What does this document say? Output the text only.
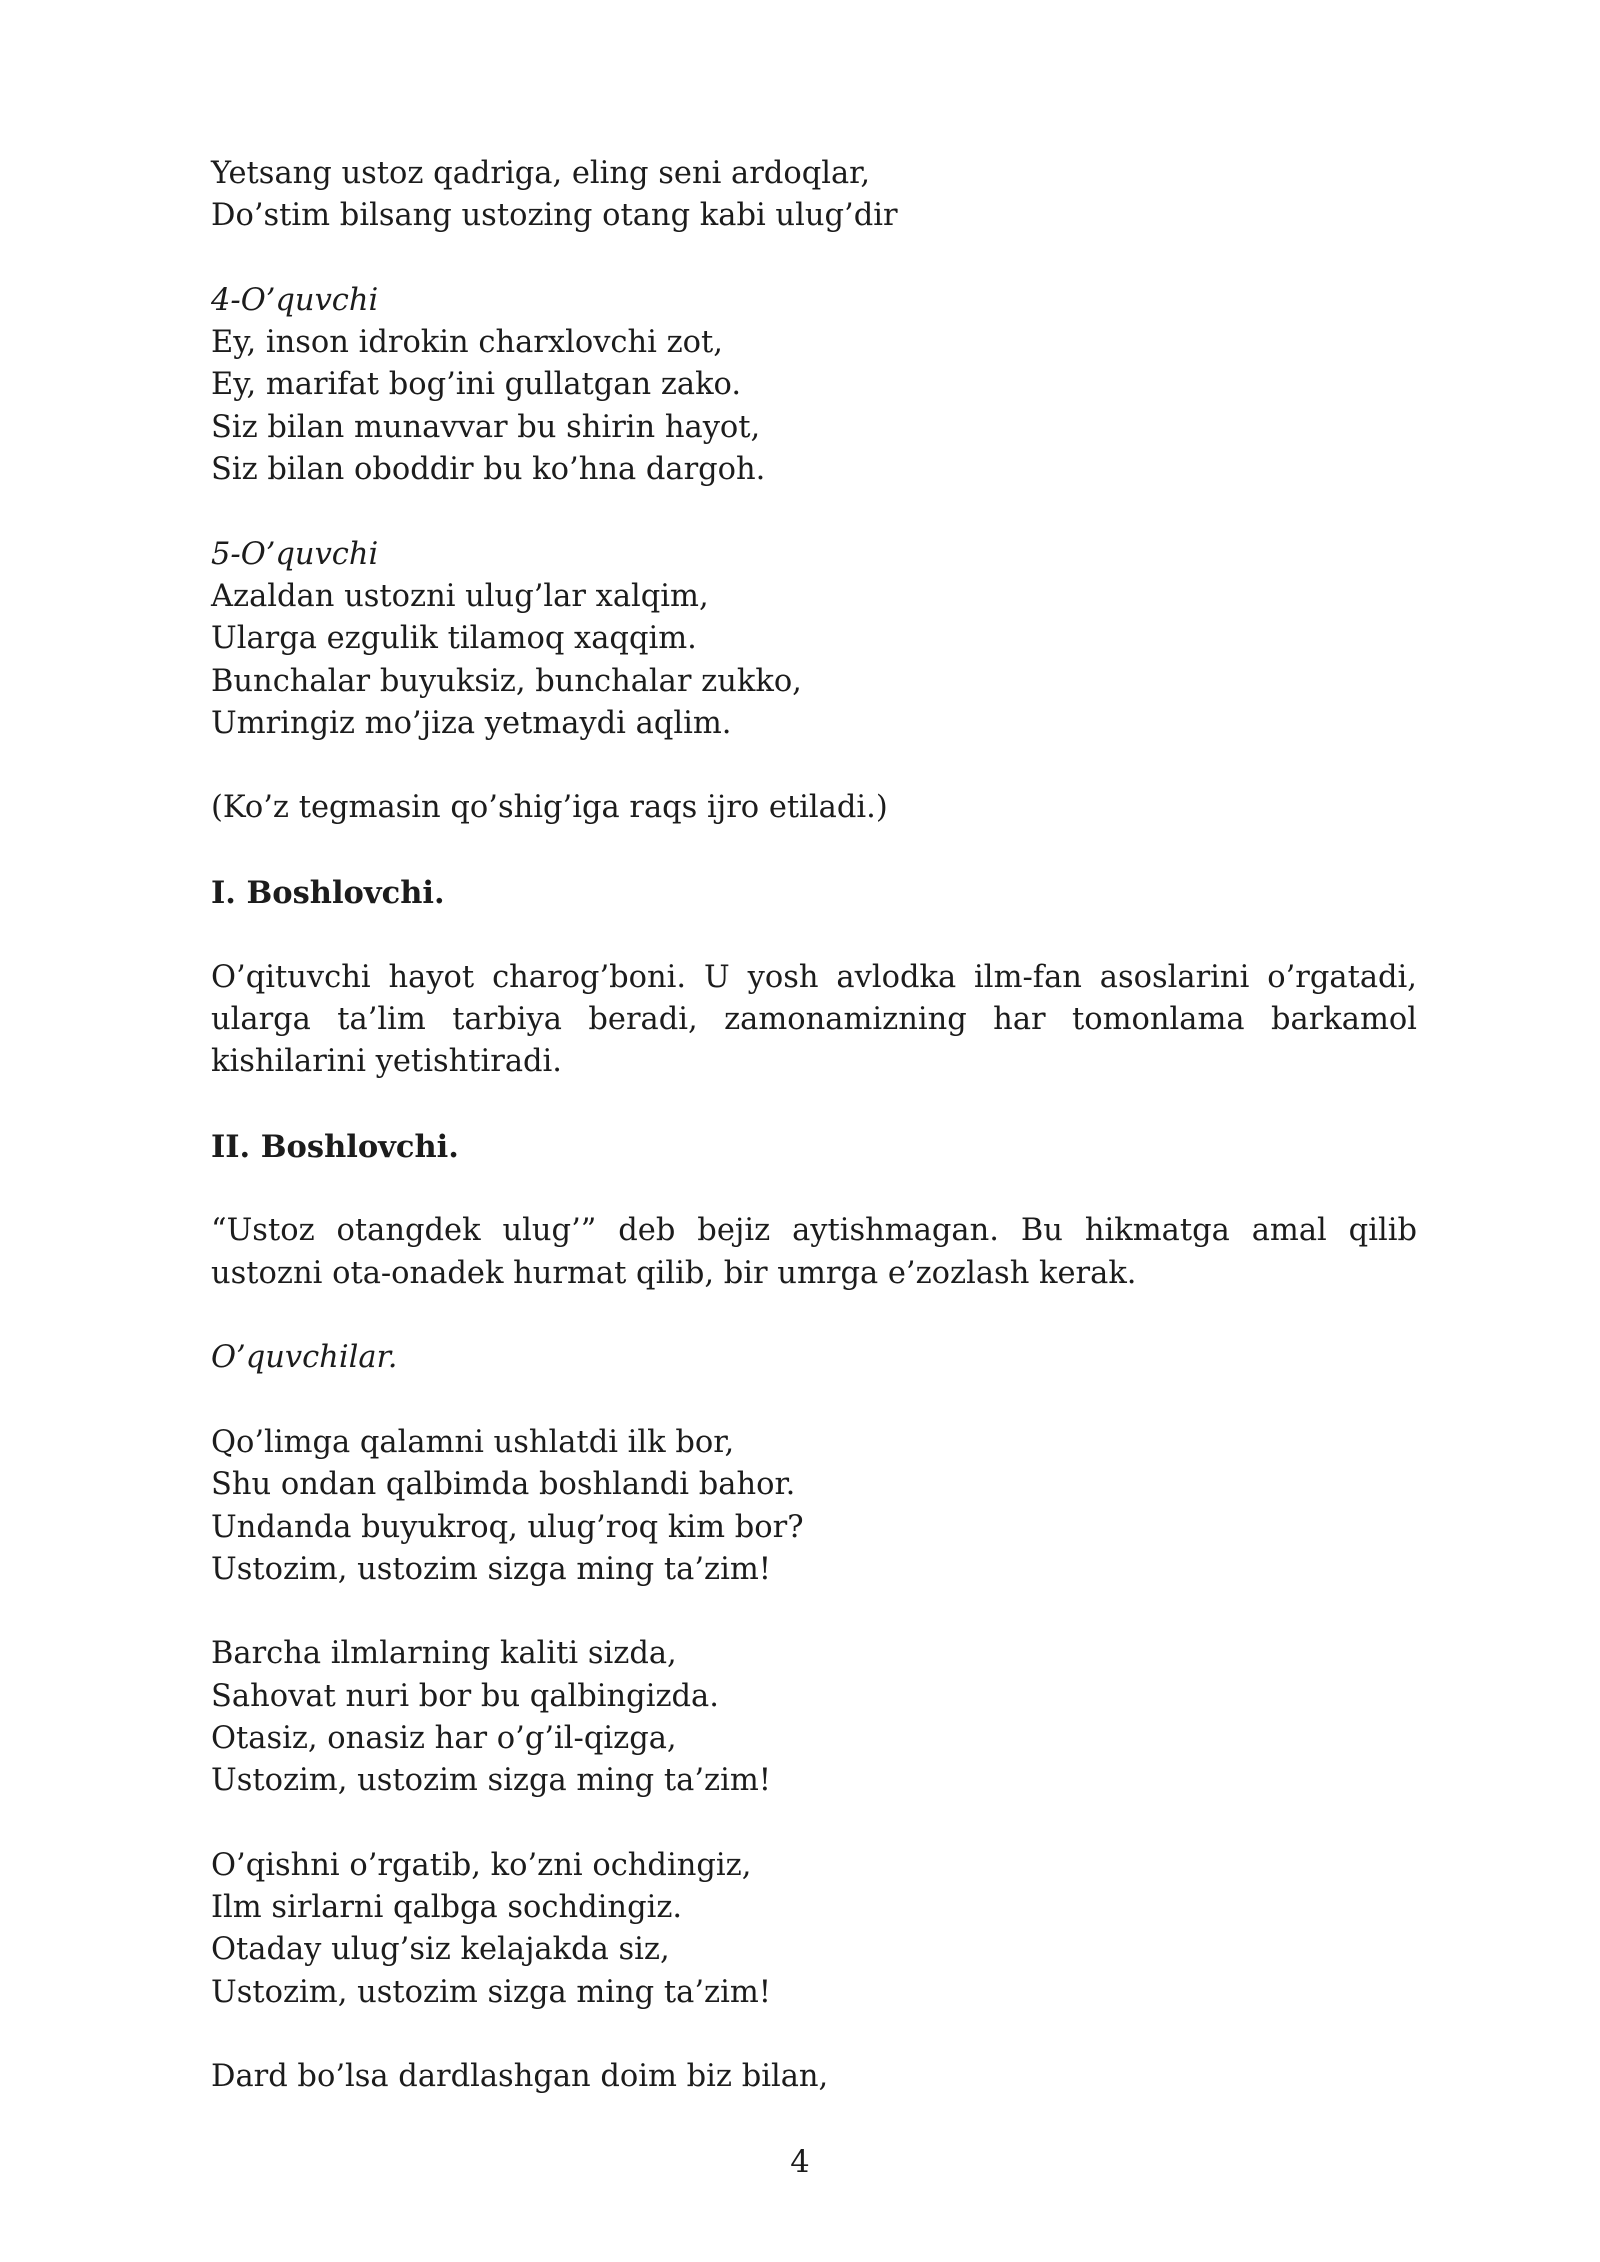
Yetsang ustoz qadriga, eling seni ardoqlar,
Do’stim bilsang ustozing otang kabi ulug’dir
4-O’quvchi
Ey, inson idrokin charxlovchi zot,
Ey, marifat bog’ini gullatgan zako.
Siz bilan munavvar bu shirin hayot,
Siz bilan oboddir bu ko’hna dargoh.
5-O’quvchi
Azaldan ustozni ulug’lar xalqim,
Ularga ezgulik tilamoq xaqqim.
Bunchalar buyuksiz, bunchalar zukko,
Umringiz mo’jiza yetmaydi aqlim.
(Ko’z tegmasin qo’shig’iga raqs ijro etiladi.)
I. Boshlovchi.
O’qituvchi hayot charog’boni. U yosh avlodka ilm-fan asoslarini o’rgatadi, ularga ta’lim tarbiya beradi, zamonamizning har tomonlama barkamol kishilarini yetishtiradi.
II. Boshlovchi.
“Ustoz otangdek ulug’” deb bejiz aytishmagan. Bu hikmatga amal qilib ustozni ota-onadek hurmat qilib, bir umrga e’zozlash kerak.
O’quvchilar.
Qo’limga qalamni ushlatdi ilk bor,
Shu ondan qalbimda boshlandi bahor.
Undanda buyukroq, ulug’roq kim bor?
Ustozim, ustozim sizga ming ta’zim!
Barcha ilmlarning kaliti sizda,
Sahovat nuri bor bu qalbingizda.
Otasiz, onasiz har o’g’il-qizga,
Ustozim, ustozim sizga ming ta’zim!
O’qishni o’rgatib, ko’zni ochdingiz,
Ilm sirlarni qalbga sochdingiz.
Otaday ulug’siz kelajakda siz,
Ustozim, ustozim sizga ming ta’zim!
Dard bo’lsa dardlashgan doim biz bilan,
4
